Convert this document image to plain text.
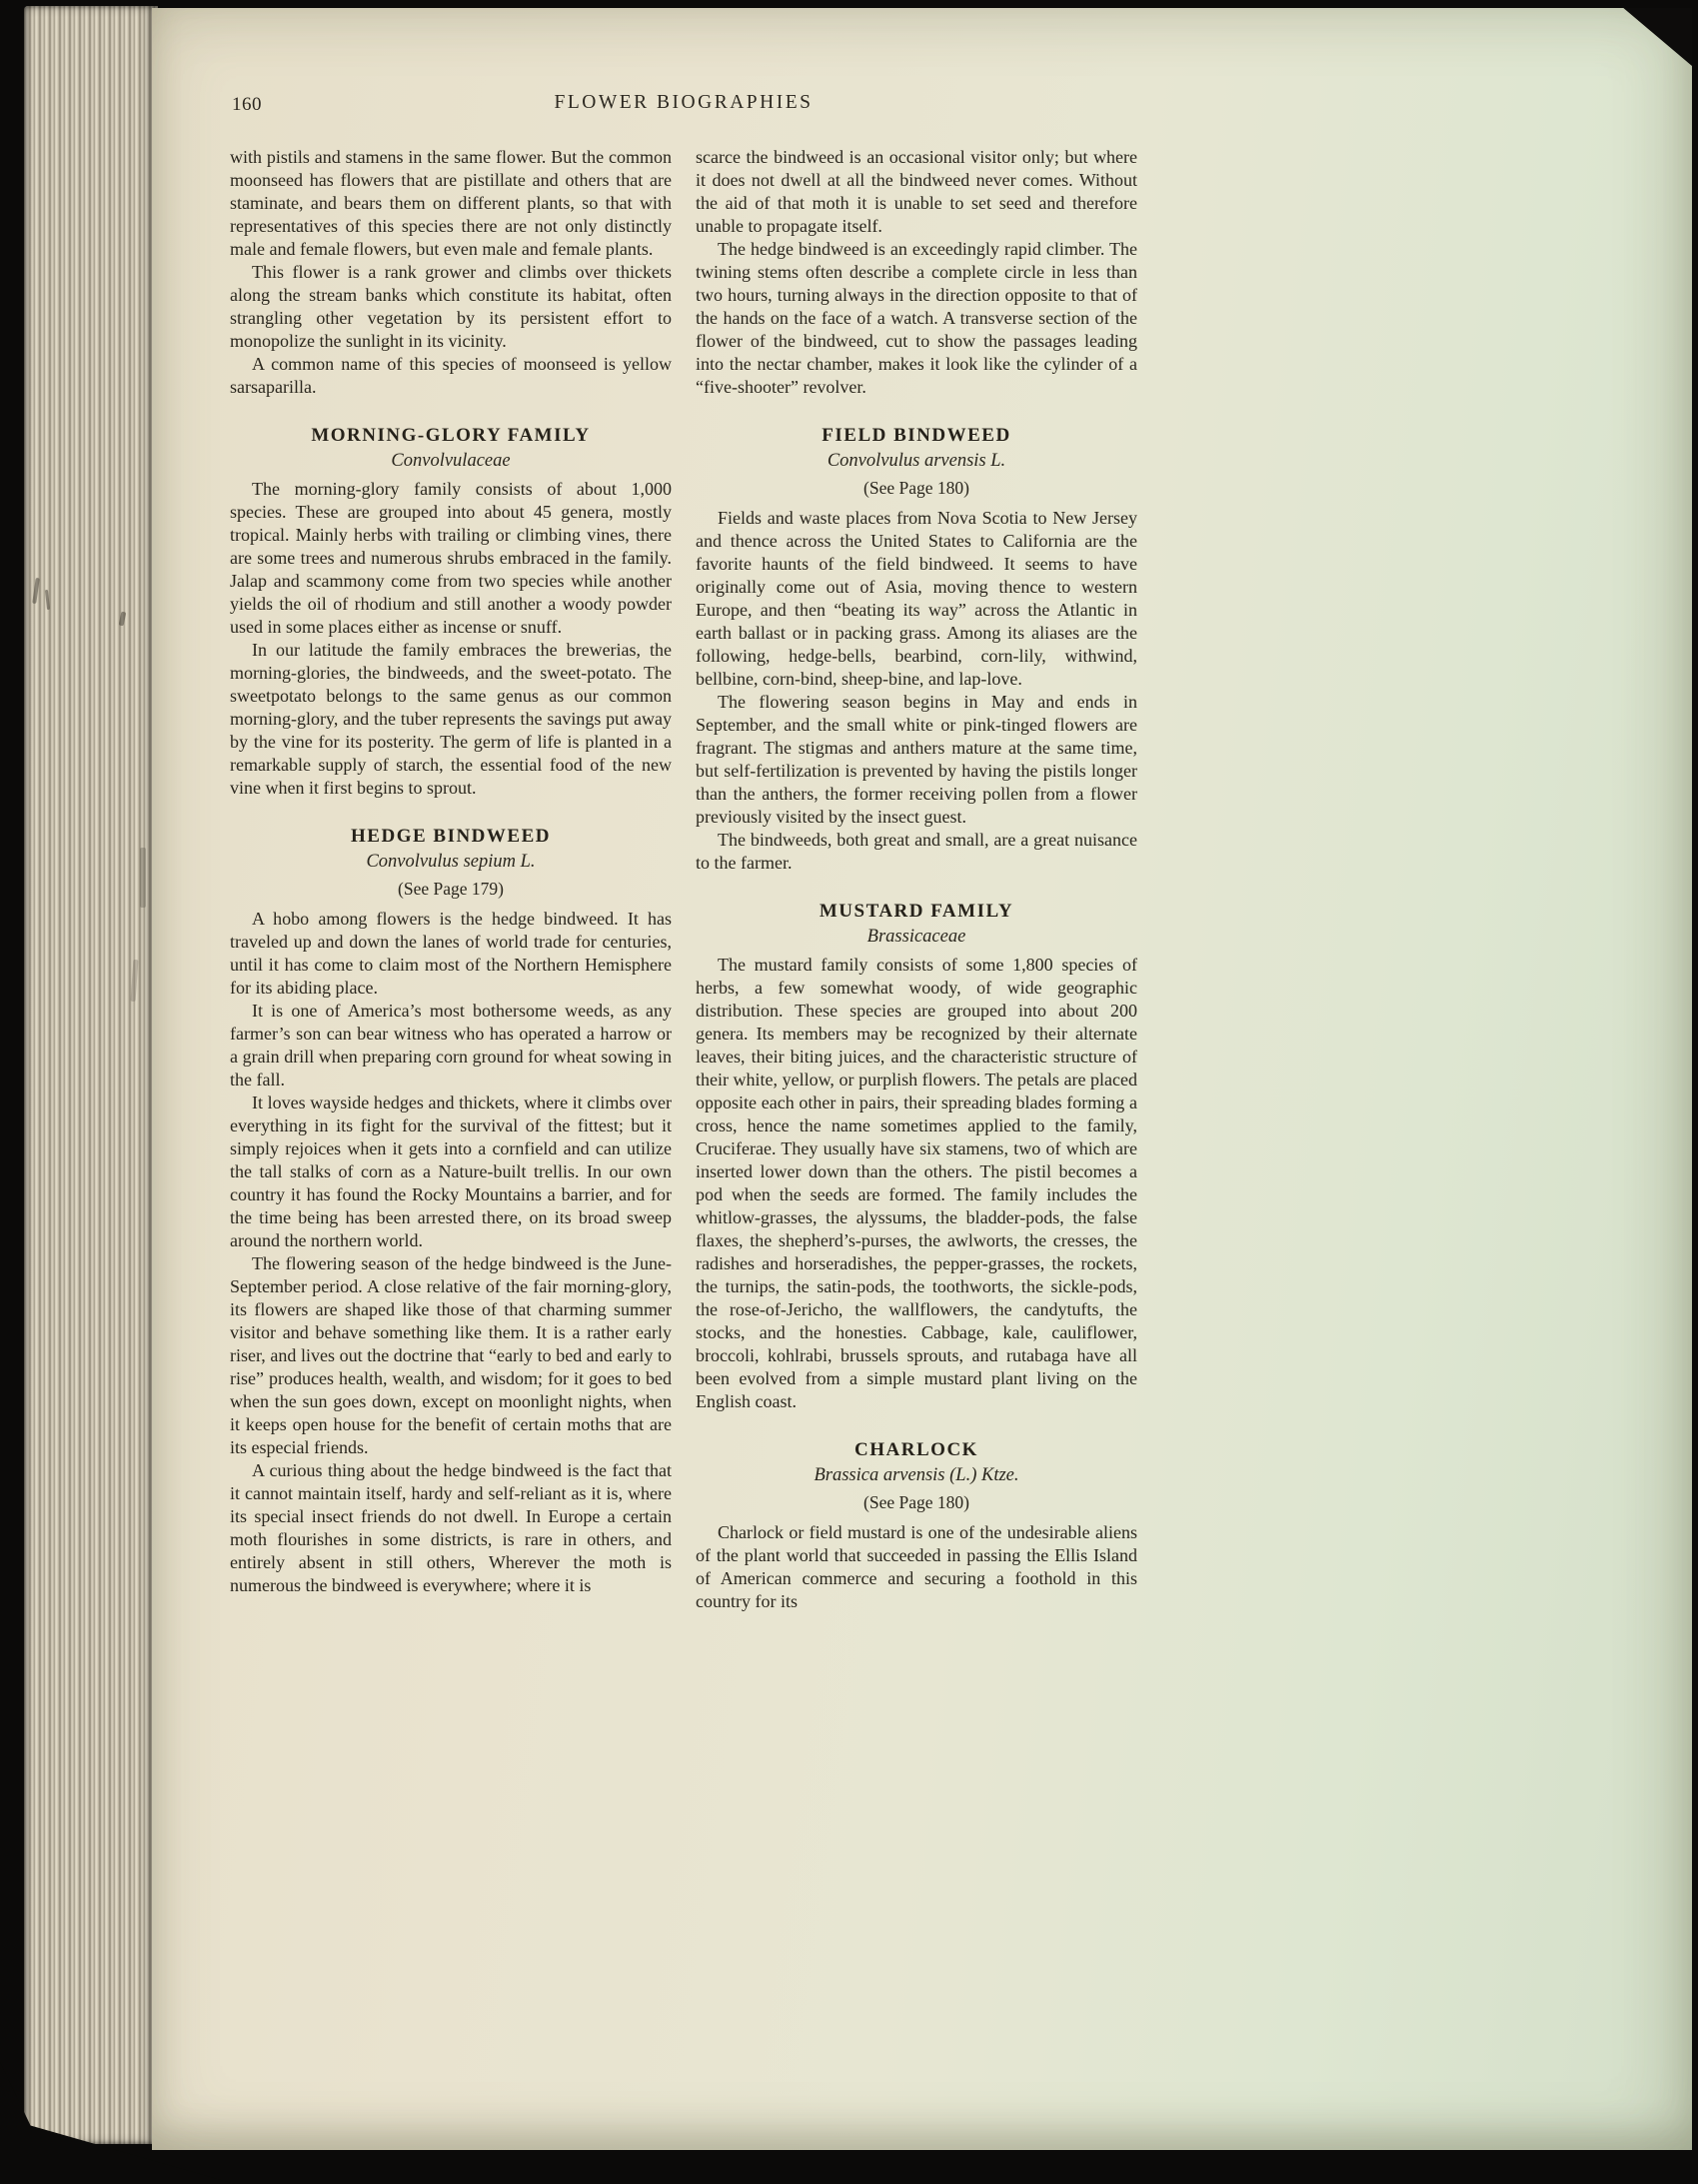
160	FLOWER BIOGRAPHIES

with pistils and stamens in the same flower. But the common moonseed has flowers that are pistillate and others that are staminate, and bears them on different plants, so that with representatives of this species there are not only distinctly male and female flowers, but even male and female plants.

This flower is a rank grower and climbs over thickets along the stream banks which constitute its habitat, often strangling other vegetation by its persistent effort to monopolize the sunlight in its vicinity.

A common name of this species of moonseed is yellow sarsaparilla.

MORNING-GLORY FAMILY

Convolvulaceae

The morning-glory family consists of about 1,000 species. These are grouped into about 45 genera, mostly tropical. Mainly herbs with trailing or climbing vines, there are some trees and numerous shrubs embraced in the family. Jalap and scammony come from two species while another yields the oil of rhodium and still another a woody powder used in some places either as incense or snuff.

In our latitude the family embraces the brewerias, the morning-glories, the bindweeds, and the sweet-potato. The sweetpotato belongs to the same genus as our common morning-glory, and the tuber represents the savings put away by the vine for its posterity. The germ of life is planted in a remarkable supply of starch, the essential food of the new vine when it first begins to sprout.

HEDGE BINDWEED

Convolvulus sepium L.

(See Page 179)

A hobo among flowers is the hedge bindweed. It has traveled up and down the lanes of world trade for centuries, until it has come to claim most of the Northern Hemisphere for its abiding place.

It is one of America’s most bothersome weeds, as any farmer’s son can bear witness who has operated a harrow or a grain drill when preparing corn ground for wheat sowing in the fall.

It loves wayside hedges and thickets, where it climbs over everything in its fight for the survival of the fittest; but it simply rejoices when it gets into a cornfield and can utilize the tall stalks of corn as a Nature-built trellis. In our own country it has found the Rocky Mountains a barrier, and for the time being has been arrested there, on its broad sweep around the northern world.

The flowering season of the hedge bindweed is the June-September period. A close relative of the fair morning-glory, its flowers are shaped like those of that charming summer visitor and behave something like them. It is a rather early riser, and lives out the doctrine that “early to bed and early to rise” produces health, wealth, and wisdom; for it goes to bed when the sun goes down, except on moonlight nights, when it keeps open house for the benefit of certain moths that are its especial friends.

A curious thing about the hedge bindweed is the fact that it cannot maintain itself, hardy and self-reliant as it is, where its special insect friends do not dwell. In Europe a certain moth flourishes in some districts, is rare in others, and entirely absent in still others, Wherever the moth is numerous the bindweed is everywhere; where it is

scarce the bindweed is an occasional visitor only; but where it does not dwell at all the bindweed never comes. Without the aid of that moth it is unable to set seed and therefore unable to propagate itself.

The hedge bindweed is an exceedingly rapid climber. The twining stems often describe a complete circle in less than two hours, turning always in the direction opposite to that of the hands on the face of a watch. A transverse section of the flower of the bindweed, cut to show the passages leading into the nectar chamber, makes it look like the cylinder of a “five-shooter” revolver.

FIELD BINDWEED

Convolvulus arvensis L.

(See Page 180)

Fields and waste places from Nova Scotia to New Jersey and thence across the United States to California are the favorite haunts of the field bindweed. It seems to have originally come out of Asia, moving thence to western Europe, and then “beating its way” across the Atlantic in earth ballast or in packing grass. Among its aliases are the following, hedge-bells, bearbind, corn-lily, withwind, bellbine, corn-bind, sheep-bine, and lap-love.

The flowering season begins in May and ends in September, and the small white or pink-tinged flowers are fragrant. The stigmas and anthers mature at the same time, but self-fertilization is prevented by having the pistils longer than the anthers, the former receiving pollen from a flower previously visited by the insect guest.

The bindweeds, both great and small, are a great nuisance to the farmer.

MUSTARD FAMILY

Brassicaceae

The mustard family consists of some 1,800 species of herbs, a few somewhat woody, of wide geographic distribution. These species are grouped into about 200 genera. Its members may be recognized by their alternate leaves, their biting juices, and the characteristic structure of their white, yellow, or purplish flowers. The petals are placed opposite each other in pairs, their spreading blades forming a cross, hence the name sometimes applied to the family, Cruciferae. They usually have six stamens, two of which are inserted lower down than the others. The pistil becomes a pod when the seeds are formed. The family includes the whitlow-grasses, the alyssums, the bladder-pods, the false flaxes, the shepherd’s-purses, the awlworts, the cresses, the radishes and horseradishes, the pepper-grasses, the rockets, the turnips, the satin-pods, the toothworts, the sickle-pods, the rose-of-Jericho, the wallflowers, the candytufts, the stocks, and the honesties. Cabbage, kale, cauliflower, broccoli, kohlrabi, brussels sprouts, and rutabaga have all been evolved from a simple mustard plant living on the English coast.

CHARLOCK

Brassica arvensis (L.) Ktze.

(See Page 180)

Charlock or field mustard is one of the undesirable aliens of the plant world that succeeded in passing the Ellis Island of American commerce and securing a foothold in this country for its
